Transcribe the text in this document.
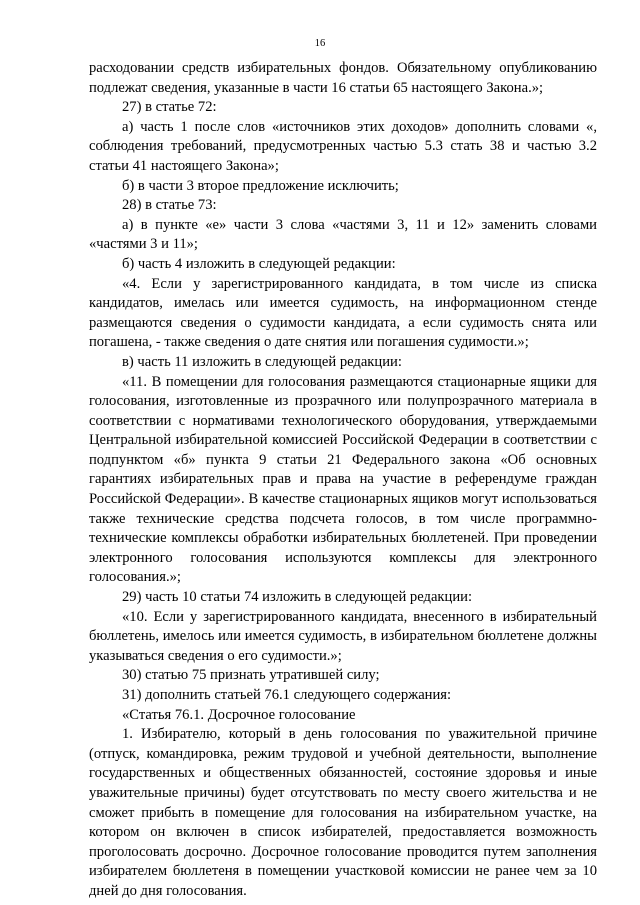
16

расходовании средств избирательных фондов. Обязательному опубликованию подлежат сведения, указанные в части 16 статьи 65 настоящего Закона.»;

27) в статье 72:

а) часть 1 после слов «источников этих доходов» дополнить словами «, соблюдения требований, предусмотренных частью 5.3 стать 38 и частью 3.2 статьи 41 настоящего Закона»;

б) в части 3 второе предложение исключить;

28) в статье 73:

а) в пункте «е» части 3 слова «частями 3, 11 и 12» заменить словами «частями 3 и 11»;

б) часть 4 изложить в следующей редакции:

«4. Если у зарегистрированного кандидата, в том числе из списка кандидатов, имелась или имеется судимость, на информационном стенде размещаются сведения о судимости кандидата, а если судимость снята или погашена, - также сведения о дате снятия или погашения судимости.»;

в) часть 11 изложить в следующей редакции:

«11. В помещении для голосования размещаются стационарные ящики для голосования, изготовленные из прозрачного или полупрозрачного материала в соответствии с нормативами технологического оборудования, утверждаемыми Центральной избирательной комиссией Российской Федерации в соответствии с подпунктом «б» пункта 9 статьи 21 Федерального закона «Об основных гарантиях избирательных прав и права на участие в референдуме граждан Российской Федерации». В качестве стационарных ящиков могут использоваться также технические средства подсчета голосов, в том числе программно-технические комплексы обработки избирательных бюллетеней. При проведении электронного голосования используются комплексы для электронного голосования.»;

29) часть 10 статьи 74 изложить в следующей редакции:

«10. Если у зарегистрированного кандидата, внесенного в избирательный бюллетень, имелось или имеется судимость, в избирательном бюллетене должны указываться сведения о его судимости.»;

30) статью 75 признать утратившей силу;

31) дополнить статьей 76.1 следующего содержания:

«Статья 76.1. Досрочное голосование

1. Избирателю, который в день голосования по уважительной причине (отпуск, командировка, режим трудовой и учебной деятельности, выполнение государственных и общественных обязанностей, состояние здоровья и иные уважительные причины) будет отсутствовать по месту своего жительства и не сможет прибыть в помещение для голосования на избирательном участке, на котором он включен в список избирателей, предоставляется возможность проголосовать досрочно. Досрочное голосование проводится путем заполнения избирателем бюллетеня в помещении участковой комиссии не ранее чем за 10 дней до дня голосования.
